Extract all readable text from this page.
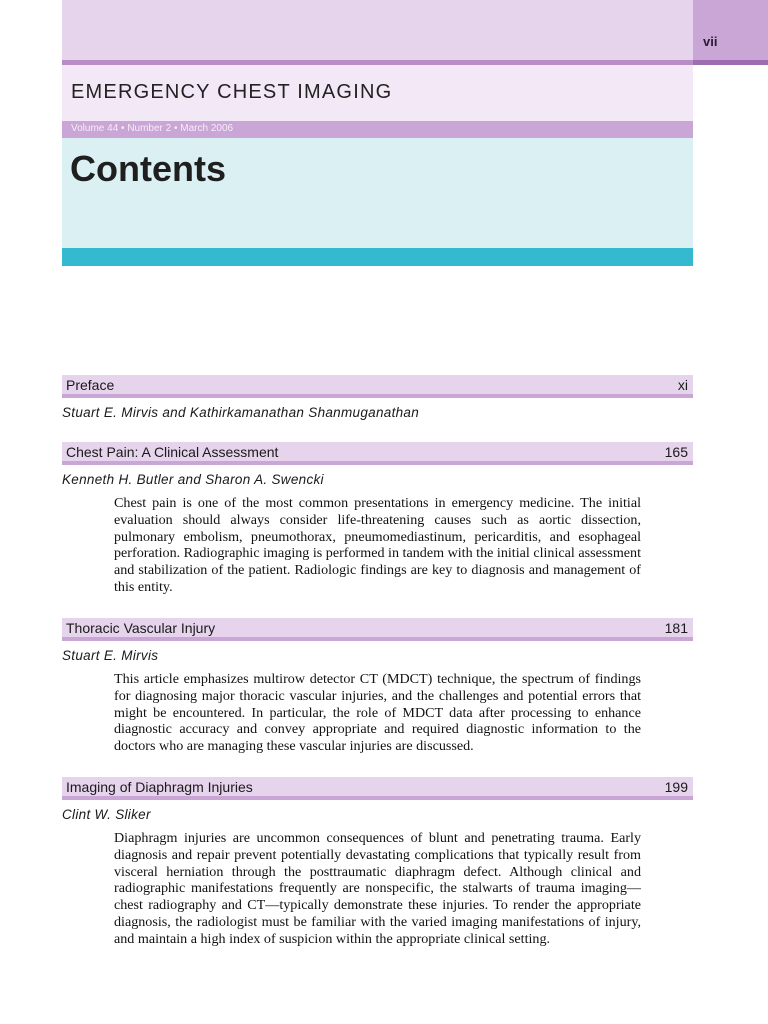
vii
EMERGENCY CHEST IMAGING
Volume 44 • Number 2 • March 2006
Contents
Preface	xi
Stuart E. Mirvis and Kathirkamanathan Shanmuganathan
Chest Pain: A Clinical Assessment	165
Kenneth H. Butler and Sharon A. Swencki
Chest pain is one of the most common presentations in emergency medicine. The initial evaluation should always consider life-threatening causes such as aortic dissection, pulmonary embolism, pneumothorax, pneumomediastinum, pericarditis, and esophageal perforation. Radiographic imaging is performed in tandem with the initial clinical assessment and stabilization of the patient. Radiologic findings are key to diagnosis and management of this entity.
Thoracic Vascular Injury	181
Stuart E. Mirvis
This article emphasizes multirow detector CT (MDCT) technique, the spectrum of findings for diagnosing major thoracic vascular injuries, and the challenges and potential errors that might be encountered. In particular, the role of MDCT data after processing to enhance diagnostic accuracy and convey appropriate and required diagnostic information to the doctors who are managing these vascular injuries are discussed.
Imaging of Diaphragm Injuries	199
Clint W. Sliker
Diaphragm injuries are uncommon consequences of blunt and penetrating trauma. Early diagnosis and repair prevent potentially devastating complications that typically result from visceral herniation through the posttraumatic diaphragm defect. Although clinical and radiographic manifestations frequently are nonspecific, the stalwarts of trauma imaging—chest radiography and CT—typically demonstrate these injuries. To render the appropriate diagnosis, the radiologist must be familiar with the varied imaging manifestations of injury, and maintain a high index of suspicion within the appropriate clinical setting.
